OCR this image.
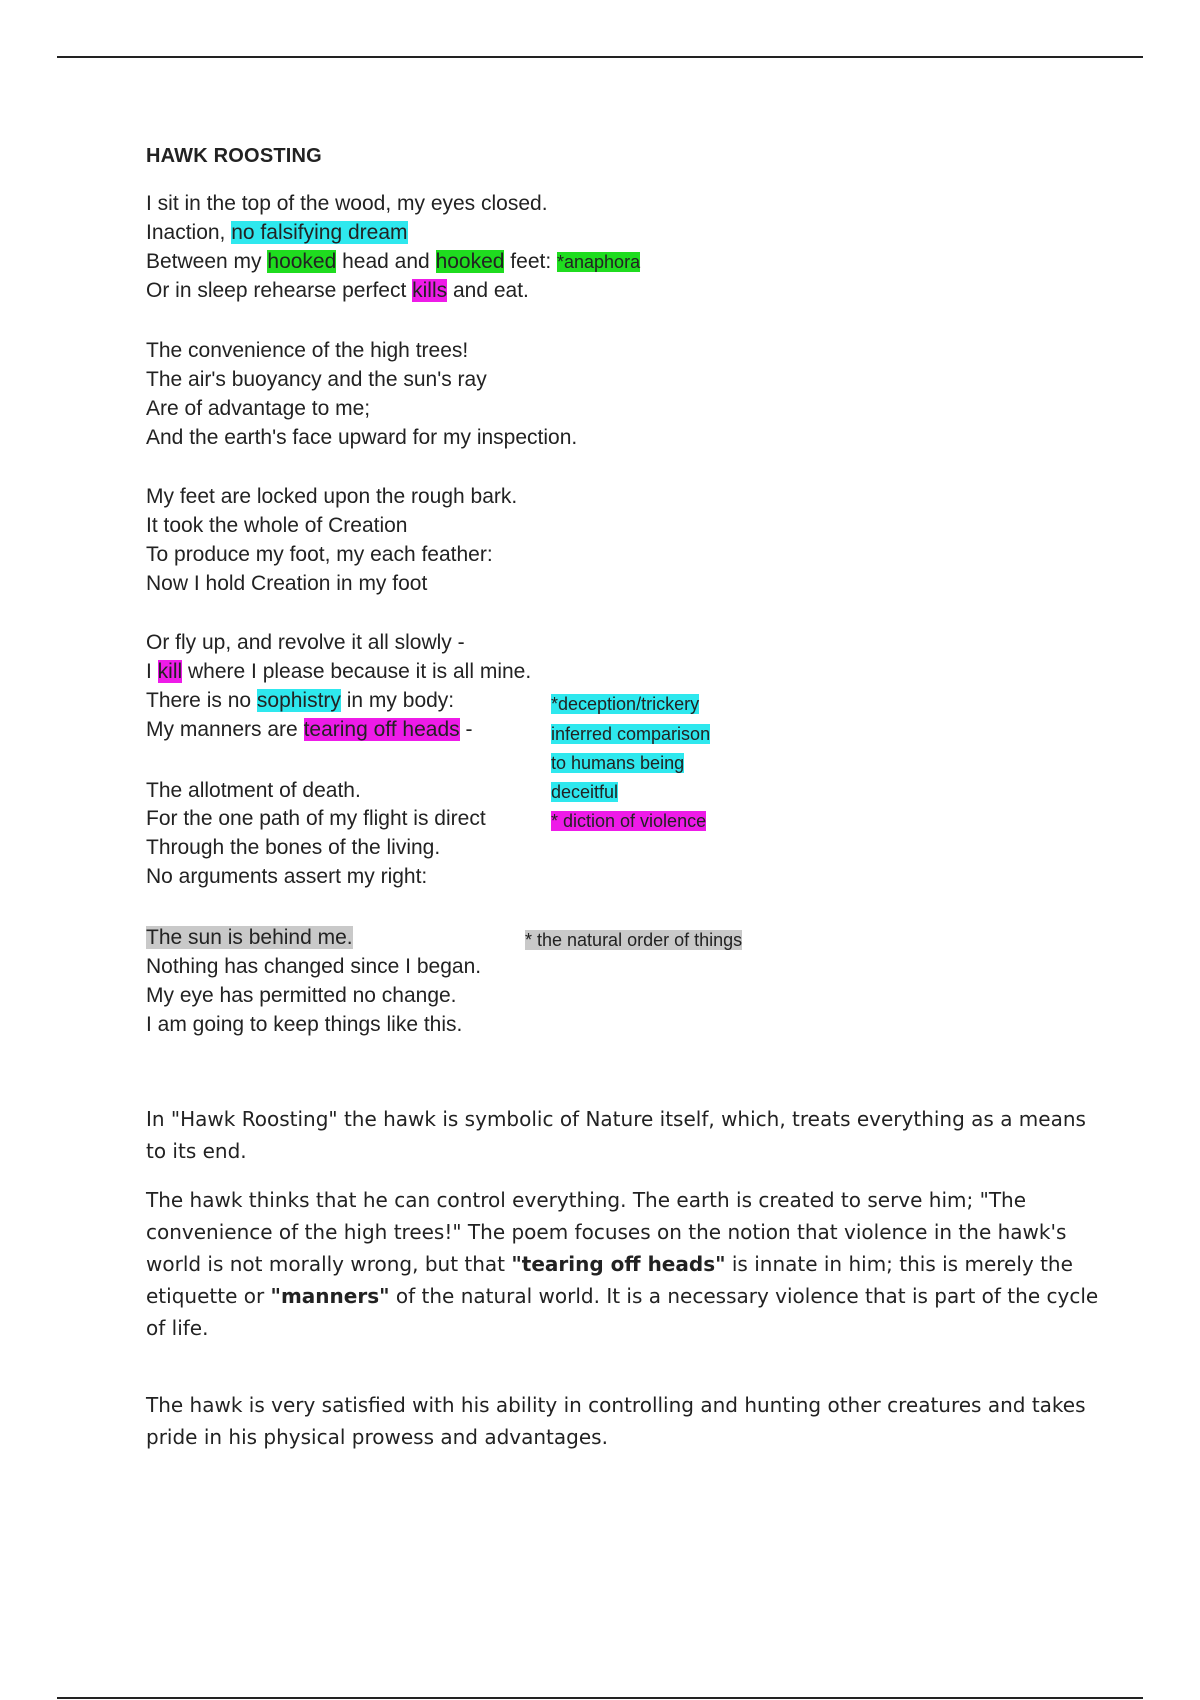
HAWK ROOSTING
I sit in the top of the wood, my eyes closed.
Inaction, no falsifying dream
Between my hooked head and hooked feet: *anaphora
Or in sleep rehearse perfect kills and eat.
The convenience of the high trees!
The air's buoyancy and the sun's ray
Are of advantage to me;
And the earth's face upward for my inspection.
My feet are locked upon the rough bark.
It took the whole of Creation
To produce my foot, my each feather:
Now I hold Creation in my foot
Or fly up, and revolve it all slowly -
I kill where I please because it is all mine.
There is no sophistry in my body:
My manners are tearing off heads -
The allotment of death.
For the one path of my flight is direct
Through the bones of the living.
No arguments assert my right:
The sun is behind me.
Nothing has changed since I began.
My eye has permitted no change.
I am going to keep things like this.
*deception/trickery
inferred comparison
to humans being
deceitful
* diction of violence
* the natural order of things
In "Hawk Roosting" the hawk is symbolic of Nature itself, which, treats everything as a means to its end.
The hawk thinks that he can control everything. The earth is created to serve him; "The convenience of the high trees!" The poem focuses on the notion that violence in the hawk's world is not morally wrong, but that "tearing off heads" is innate in him; this is merely the etiquette or "manners" of the natural world. It is a necessary violence that is part of the cycle of life.
The hawk is very satisfied with his ability in controlling and hunting other creatures and takes pride in his physical prowess and advantages.
